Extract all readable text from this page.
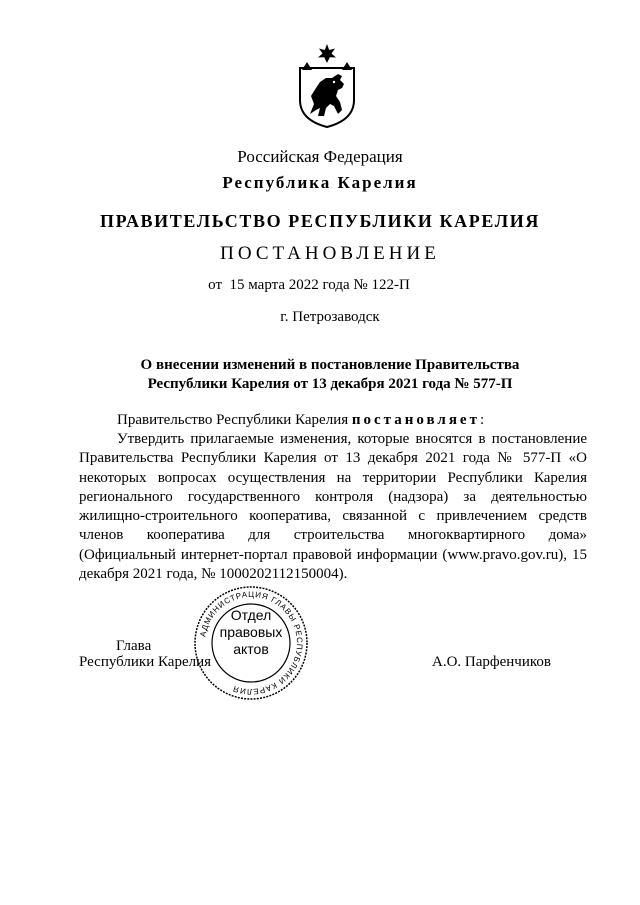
Российская Федерация
Республика Карелия
ПРАВИТЕЛЬСТВО РЕСПУБЛИКИ КАРЕЛИЯ
ПОСТАНОВЛЕНИЕ
от  15 марта 2022 года № 122-П
г. Петрозаводск
О внесении изменений в постановление Правительства
Республики Карелия от 13 декабря 2021 года № 577-П
Правительство Республики Карелия постановляет:

Утвердить прилагаемые изменения, которые вносятся в постановление Правительства Республики Карелия от 13 декабря 2021 года № 577-П «О некоторых вопросах осуществления на территории Республики Карелия регионального государственного контроля (надзора) за деятельностью жилищно-строительного кооператива, связанной с привлечением средств членов кооператива для строительства многоквартирного дома» (Официальный интернет-портал правовой информации (www.pravo.gov.ru), 15 декабря 2021 года, № 1000202112150004).

Глава
Республики Карелия	А.О. Парфенчиков
АДМИНИСТРАЦИЯ ГЛАВЫ РЕСПУБЛИКИ КАРЕЛИЯ
Отдел
правовых
актов
